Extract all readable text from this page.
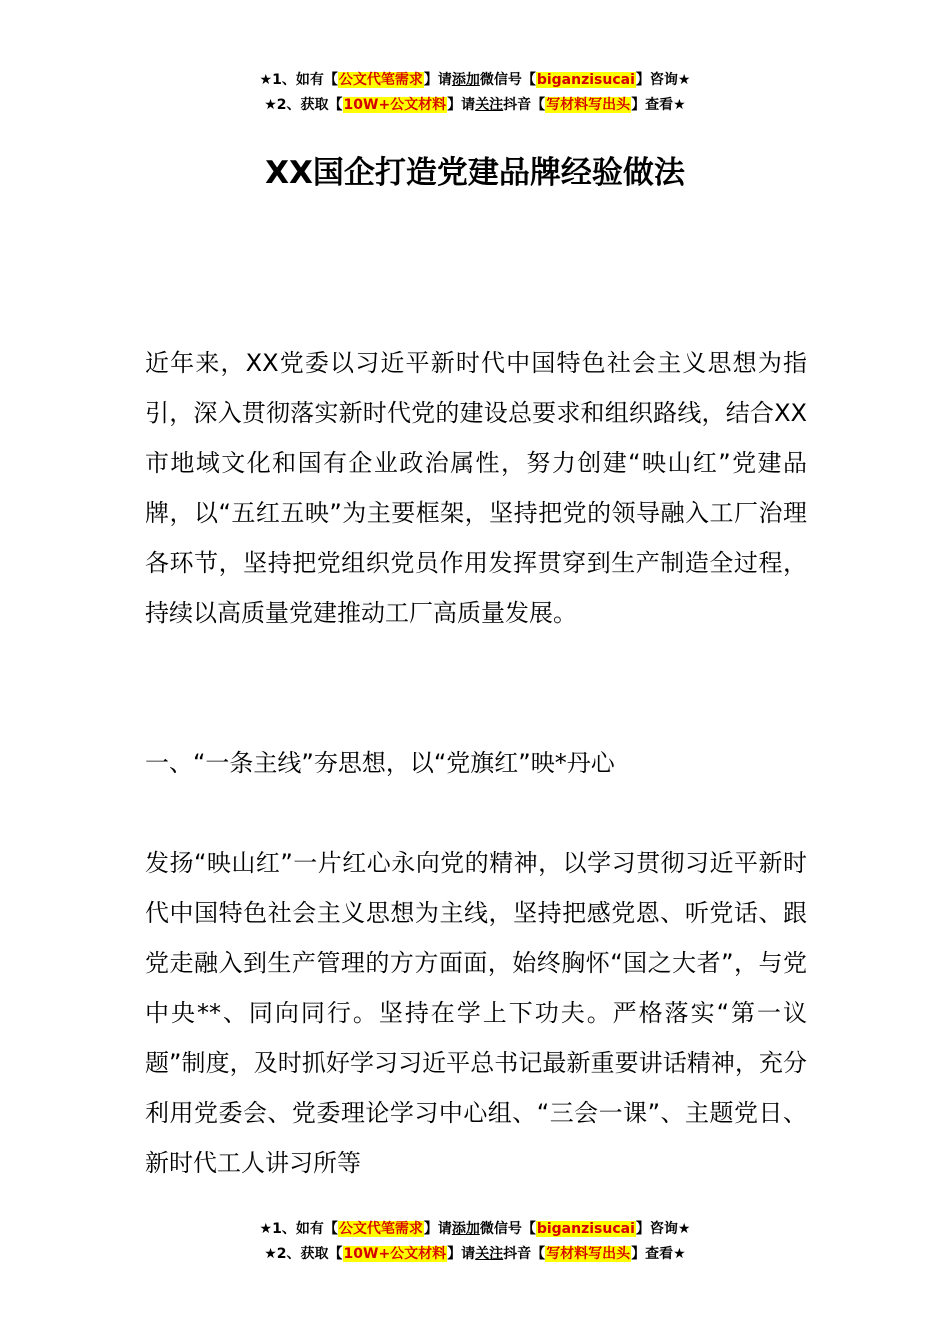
★1、如有【公文代笔需求】请添加微信号【biganzisucai】咨询★
★2、获取【10W+公文材料】请关注抖音【写材料写出头】查看★
XX国企打造党建品牌经验做法

近年来，XX党委以习近平新时代中国特色社会主义思想为指引，深入贯彻落实新时代党的建设总要求和组织路线，结合XX市地域文化和国有企业政治属性，努力创建“映山红”党建品牌，以“五红五映”为主要框架，坚持把党的领导融入工厂治理各环节，坚持把党组织党员作用发挥贯穿到生产制造全过程，持续以高质量党建推动工厂高质量发展。

一、“一条主线”夯思想，以“党旗红”映*丹心

发扬“映山红”一片红心永向党的精神，以学习贯彻习近平新时代中国特色社会主义思想为主线，坚持把感党恩、听党话、跟党走融入到生产管理的方方面面，始终胸怀“国之大者”，与党中央**、同向同行。坚持在学上下功夫。严格落实“第一议题”制度，及时抓好学习习近平总书记最新重要讲话精神，充分利用党委会、党委理论学习中心组、“三会一课”、主题党日、新时代工人讲习所等

★1、如有【公文代笔需求】请添加微信号【biganzisucai】咨询★
★2、获取【10W+公文材料】请关注抖音【写材料写出头】查看★
